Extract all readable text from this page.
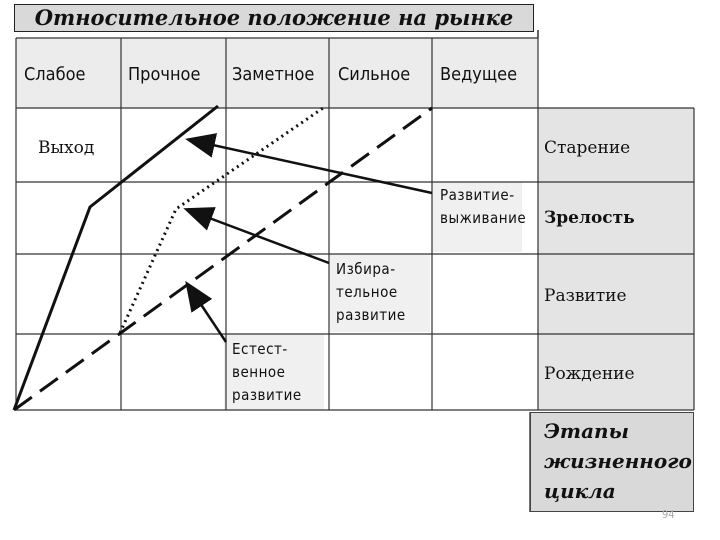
Относительное положение на рынке
Слабое Прочное Заметное Сильное Ведущее
Выход	Старение
Зрелость
Развитие
Рождение
Развитие-
выживание
Избира-
тельное
развитие
Естест-
венное
развитие
Этапы
жизненного
цикла
94
